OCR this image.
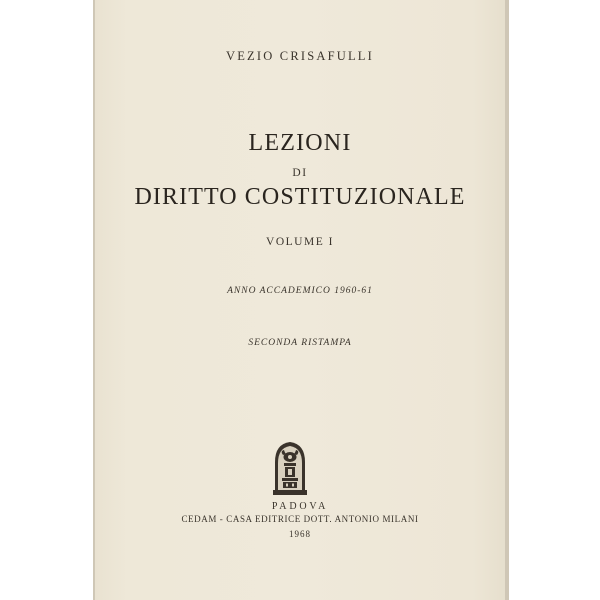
VEZIO CRISAFULLI
LEZIONI
DI
DIRITTO COSTITUZIONALE
VOLUME I
ANNO ACCADEMICO 1960-61
SECONDA RISTAMPA
PADOVA
CEDAM - CASA EDITRICE DOTT. ANTONIO MILANI
1968
